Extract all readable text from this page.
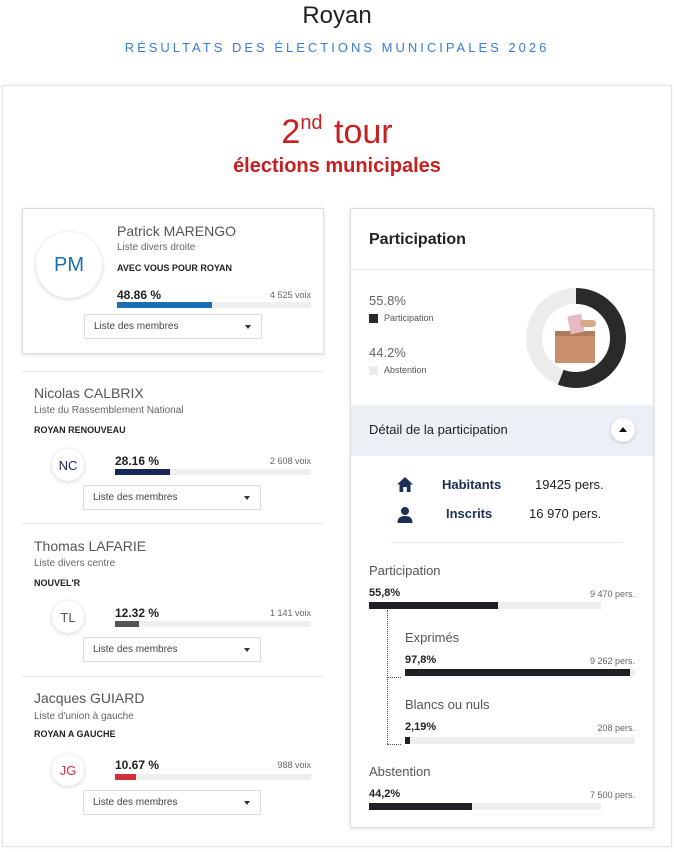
Royan
RÉSULTATS DES ÉLECTIONS MUNICIPALES 2026
2nd tour
élections municipales
PM
Patrick MARENGO
Liste divers droite
AVEC VOUS POUR ROYAN
48.86 %	4 525 voix
Liste des membres
Nicolas CALBRIX
Liste du Rassemblement National
ROYAN RENOUVEAU
NC	28.16 %	2 608 voix
Liste des membres
Thomas LAFARIE
Liste divers centre
NOUVEL'R
TL	12.32 %	1 141 voix
Liste des membres
Jacques GUIARD
Liste d'union à gauche
ROYAN A GAUCHE
JG	10.67 %	988 voix
Liste des membres
Participation
55.8%
Participation
44.2%
Abstention
Détail de la participation
Habitants	19425 pers.
Inscrits	16 970 pers.
Participation
55,8%	9 470 pers.
Exprimés
97,8%	9 262 pers.
Blancs ou nuls
2,19%	208 pers.
Abstention
44,2%	7 500 pers.
